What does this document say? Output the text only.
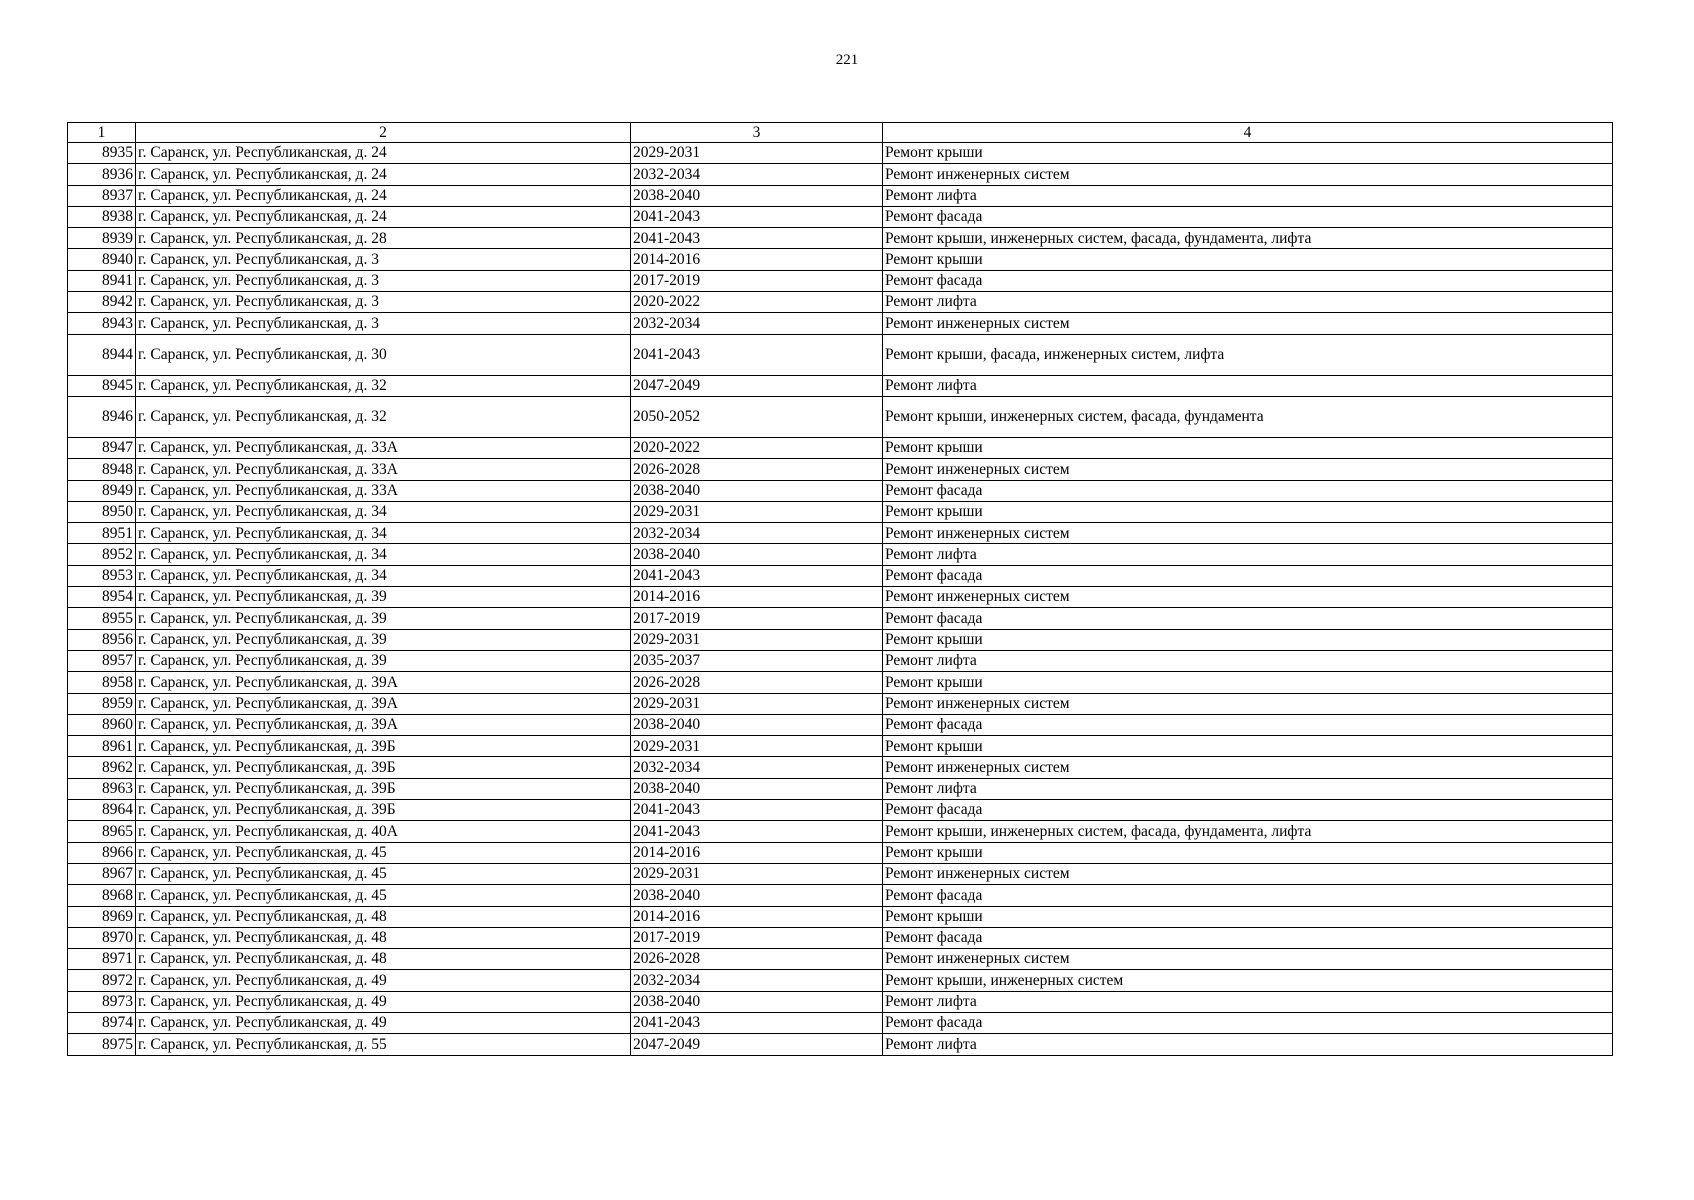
221
1	2	3	4
8935	г. Саранск, ул. Республиканская, д. 24	2029-2031	Ремонт крыши
8936	г. Саранск, ул. Республиканская, д. 24	2032-2034	Ремонт инженерных систем
8937	г. Саранск, ул. Республиканская, д. 24	2038-2040	Ремонт лифта
8938	г. Саранск, ул. Республиканская, д. 24	2041-2043	Ремонт фасада
8939	г. Саранск, ул. Республиканская, д. 28	2041-2043	Ремонт крыши, инженерных систем, фасада, фундамента, лифта
8940	г. Саранск, ул. Республиканская, д. 3	2014-2016	Ремонт крыши
8941	г. Саранск, ул. Республиканская, д. 3	2017-2019	Ремонт фасада
8942	г. Саранск, ул. Республиканская, д. 3	2020-2022	Ремонт лифта
8943	г. Саранск, ул. Республиканская, д. 3	2032-2034	Ремонт инженерных систем
8944	г. Саранск, ул. Республиканская, д. 30	2041-2043	Ремонт крыши, фасада, инженерных систем, лифта
8945	г. Саранск, ул. Республиканская, д. 32	2047-2049	Ремонт лифта
8946	г. Саранск, ул. Республиканская, д. 32	2050-2052	Ремонт крыши, инженерных систем, фасада, фундамента
8947	г. Саранск, ул. Республиканская, д. 33А	2020-2022	Ремонт крыши
8948	г. Саранск, ул. Республиканская, д. 33А	2026-2028	Ремонт инженерных систем
8949	г. Саранск, ул. Республиканская, д. 33А	2038-2040	Ремонт фасада
8950	г. Саранск, ул. Республиканская, д. 34	2029-2031	Ремонт крыши
8951	г. Саранск, ул. Республиканская, д. 34	2032-2034	Ремонт инженерных систем
8952	г. Саранск, ул. Республиканская, д. 34	2038-2040	Ремонт лифта
8953	г. Саранск, ул. Республиканская, д. 34	2041-2043	Ремонт фасада
8954	г. Саранск, ул. Республиканская, д. 39	2014-2016	Ремонт инженерных систем
8955	г. Саранск, ул. Республиканская, д. 39	2017-2019	Ремонт фасада
8956	г. Саранск, ул. Республиканская, д. 39	2029-2031	Ремонт крыши
8957	г. Саранск, ул. Республиканская, д. 39	2035-2037	Ремонт лифта
8958	г. Саранск, ул. Республиканская, д. 39А	2026-2028	Ремонт крыши
8959	г. Саранск, ул. Республиканская, д. 39А	2029-2031	Ремонт инженерных систем
8960	г. Саранск, ул. Республиканская, д. 39А	2038-2040	Ремонт фасада
8961	г. Саранск, ул. Республиканская, д. 39Б	2029-2031	Ремонт крыши
8962	г. Саранск, ул. Республиканская, д. 39Б	2032-2034	Ремонт инженерных систем
8963	г. Саранск, ул. Республиканская, д. 39Б	2038-2040	Ремонт лифта
8964	г. Саранск, ул. Республиканская, д. 39Б	2041-2043	Ремонт фасада
8965	г. Саранск, ул. Республиканская, д. 40А	2041-2043	Ремонт крыши, инженерных систем, фасада, фундамента, лифта
8966	г. Саранск, ул. Республиканская, д. 45	2014-2016	Ремонт крыши
8967	г. Саранск, ул. Республиканская, д. 45	2029-2031	Ремонт инженерных систем
8968	г. Саранск, ул. Республиканская, д. 45	2038-2040	Ремонт фасада
8969	г. Саранск, ул. Республиканская, д. 48	2014-2016	Ремонт крыши
8970	г. Саранск, ул. Республиканская, д. 48	2017-2019	Ремонт фасада
8971	г. Саранск, ул. Республиканская, д. 48	2026-2028	Ремонт инженерных систем
8972	г. Саранск, ул. Республиканская, д. 49	2032-2034	Ремонт крыши, инженерных систем
8973	г. Саранск, ул. Республиканская, д. 49	2038-2040	Ремонт лифта
8974	г. Саранск, ул. Республиканская, д. 49	2041-2043	Ремонт фасада
8975	г. Саранск, ул. Республиканская, д. 55	2047-2049	Ремонт лифта
